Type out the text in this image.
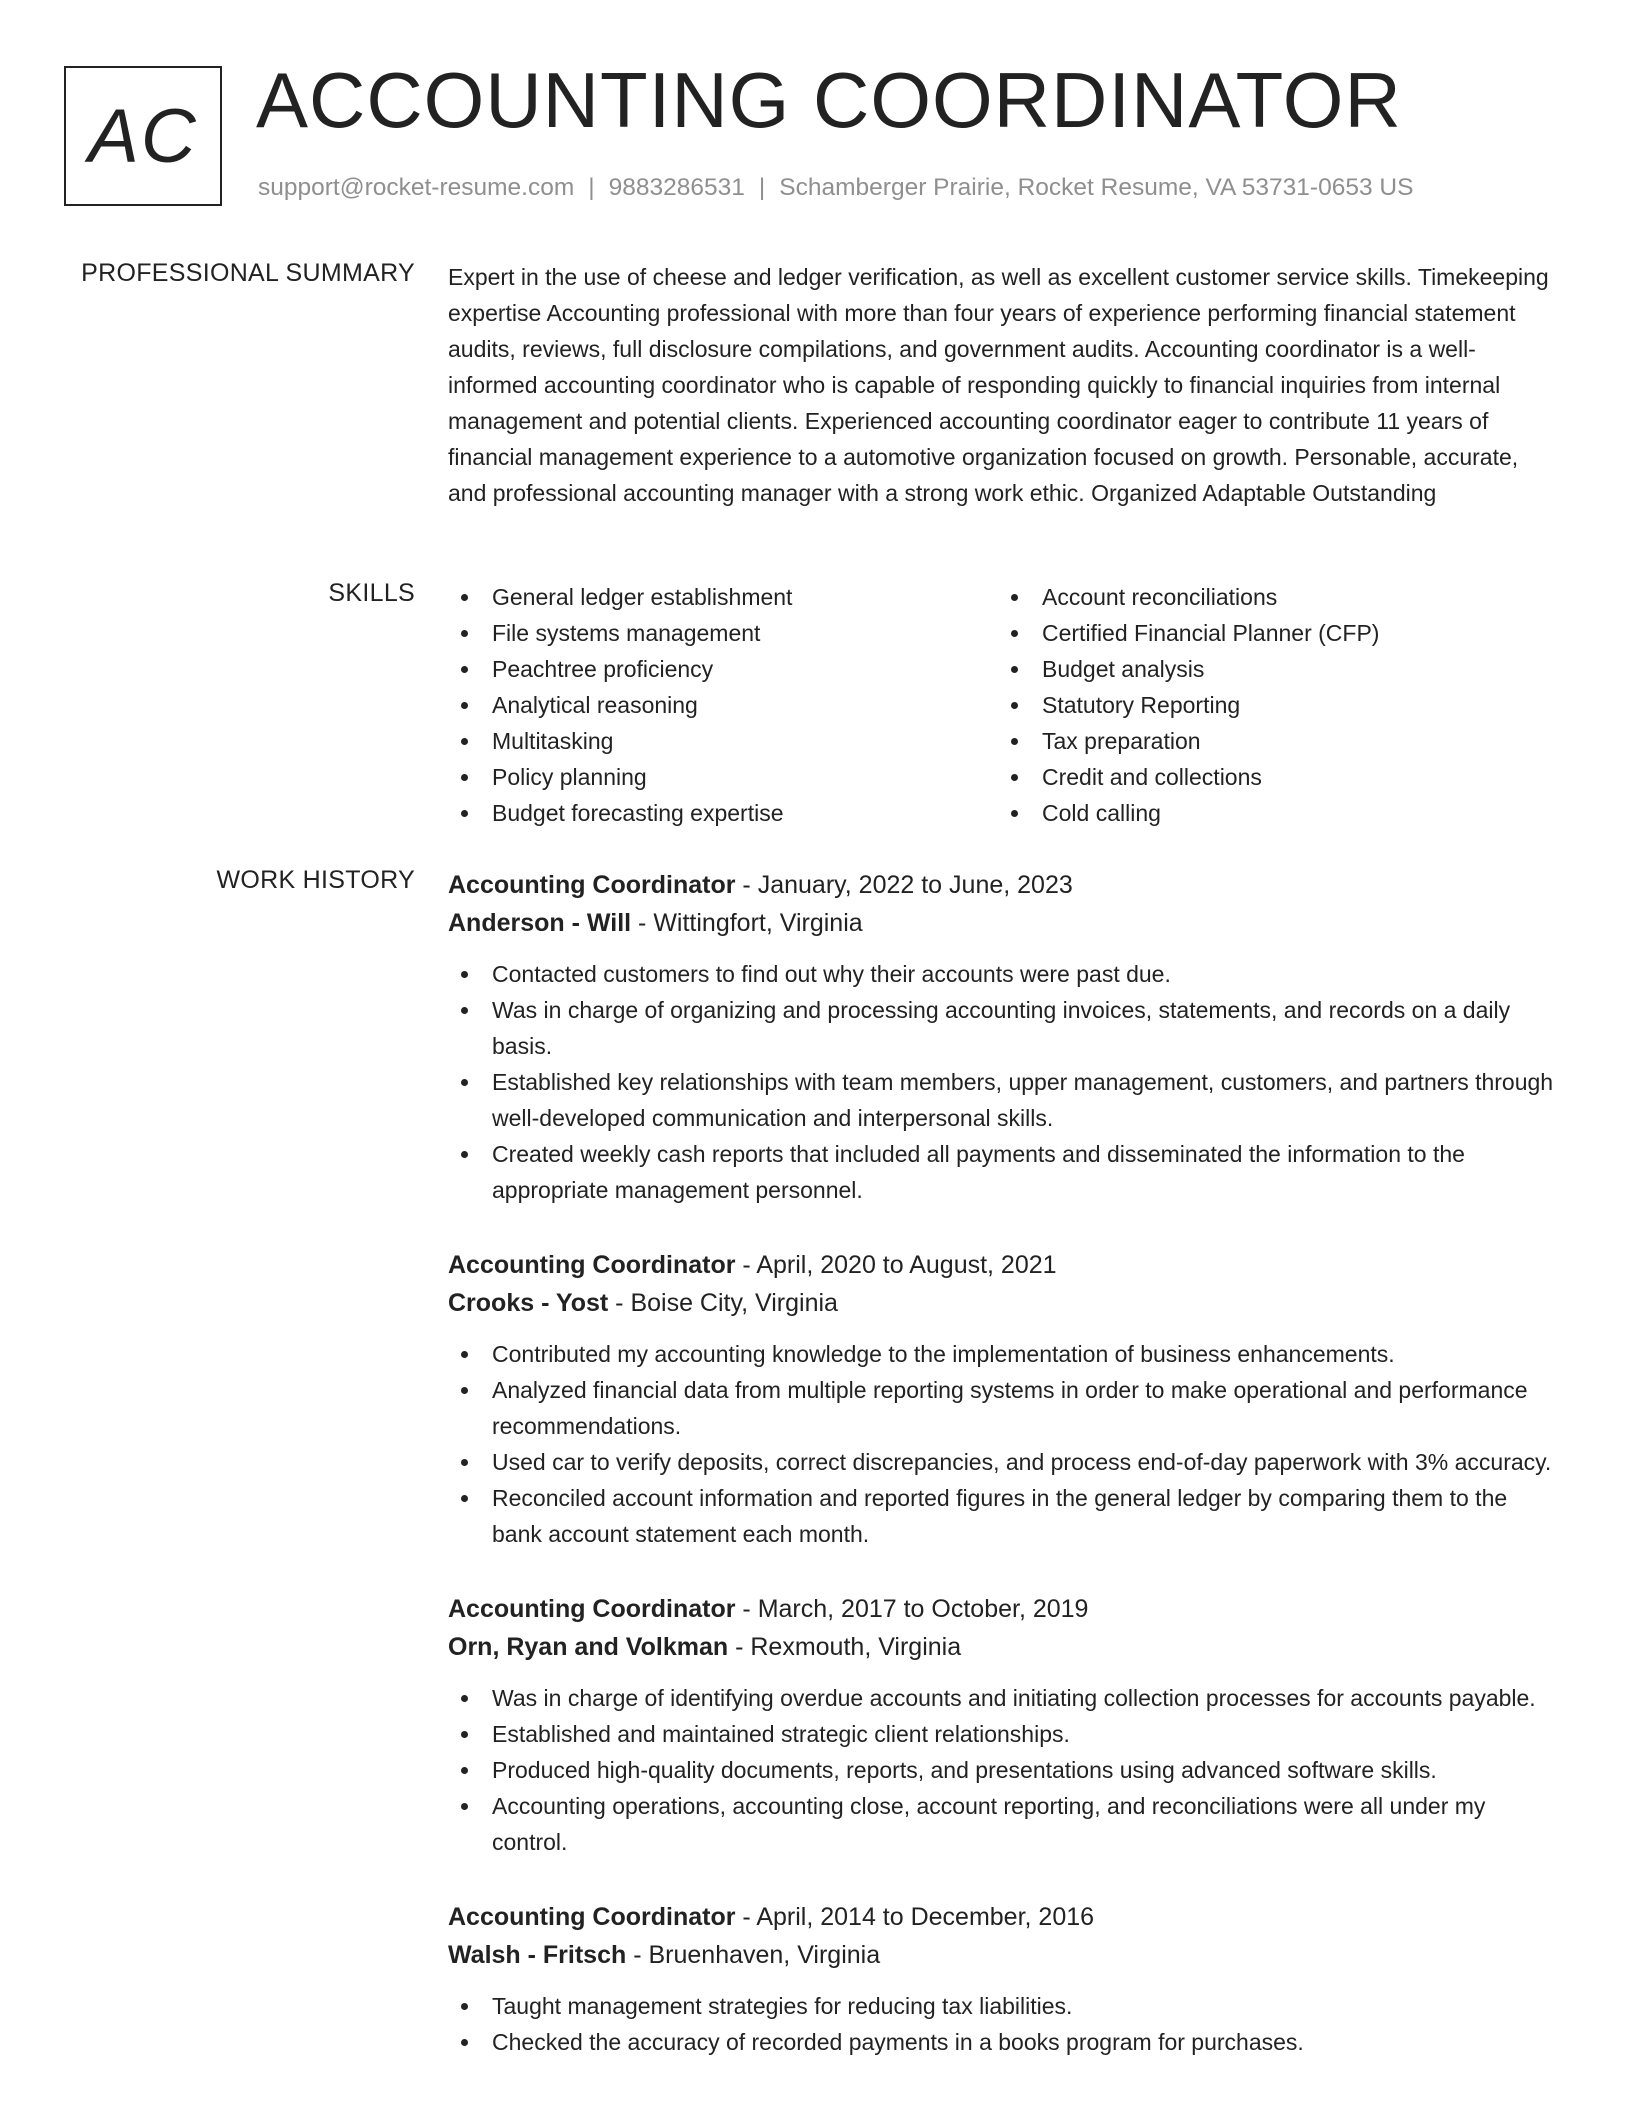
AC ACCOUNTING COORDINATOR
support@rocket-resume.com | 9883286531 | Schamberger Prairie, Rocket Resume, VA 53731-0653 US
PROFESSIONAL SUMMARY Expert in the use of cheese and ledger verification, as well as excellent customer service skills. Timekeeping expertise Accounting professional with more than four years of experience performing financial statement audits, reviews, full disclosure compilations, and government audits. Accounting coordinator is a well-informed accounting coordinator who is capable of responding quickly to financial inquiries from internal management and potential clients. Experienced accounting coordinator eager to contribute 11 years of financial management experience to a automotive organization focused on growth. Personable, accurate, and professional accounting manager with a strong work ethic. Organized Adaptable Outstanding

SKILLS	General ledger establishment
File systems management
Peachtree proficiency
Analytical reasoning
Multitasking
Policy planning
Budget forecasting expertise
Account reconciliations
Certified Financial Planner (CFP)
Budget analysis
Statutory Reporting
Tax preparation
Credit and collections
Cold calling
WORK HISTORY Accounting Coordinator - January, 2022 to June, 2023
Anderson - Will - Wittingfort, Virginia
Contacted customers to find out why their accounts were past due.
Was in charge of organizing and processing accounting invoices, statements, and records on a daily basis.
Established key relationships with team members, upper management, customers, and partners through well-developed communication and interpersonal skills.
Created weekly cash reports that included all payments and disseminated the information to the appropriate management personnel.
Accounting Coordinator - April, 2020 to August, 2021
Crooks - Yost - Boise City, Virginia
Contributed my accounting knowledge to the implementation of business enhancements.
Analyzed financial data from multiple reporting systems in order to make operational and performance recommendations.
Used car to verify deposits, correct discrepancies, and process end-of-day paperwork with 3% accuracy.
Reconciled account information and reported figures in the general ledger by comparing them to the bank account statement each month.
Accounting Coordinator - March, 2017 to October, 2019
Orn, Ryan and Volkman - Rexmouth, Virginia
Was in charge of identifying overdue accounts and initiating collection processes for accounts payable.
Established and maintained strategic client relationships.
Produced high-quality documents, reports, and presentations using advanced software skills.
Accounting operations, accounting close, account reporting, and reconciliations were all under my control.
Accounting Coordinator - April, 2014 to December, 2016
Walsh - Fritsch - Bruenhaven, Virginia
Taught management strategies for reducing tax liabilities.
Checked the accuracy of recorded payments in a books program for purchases.
